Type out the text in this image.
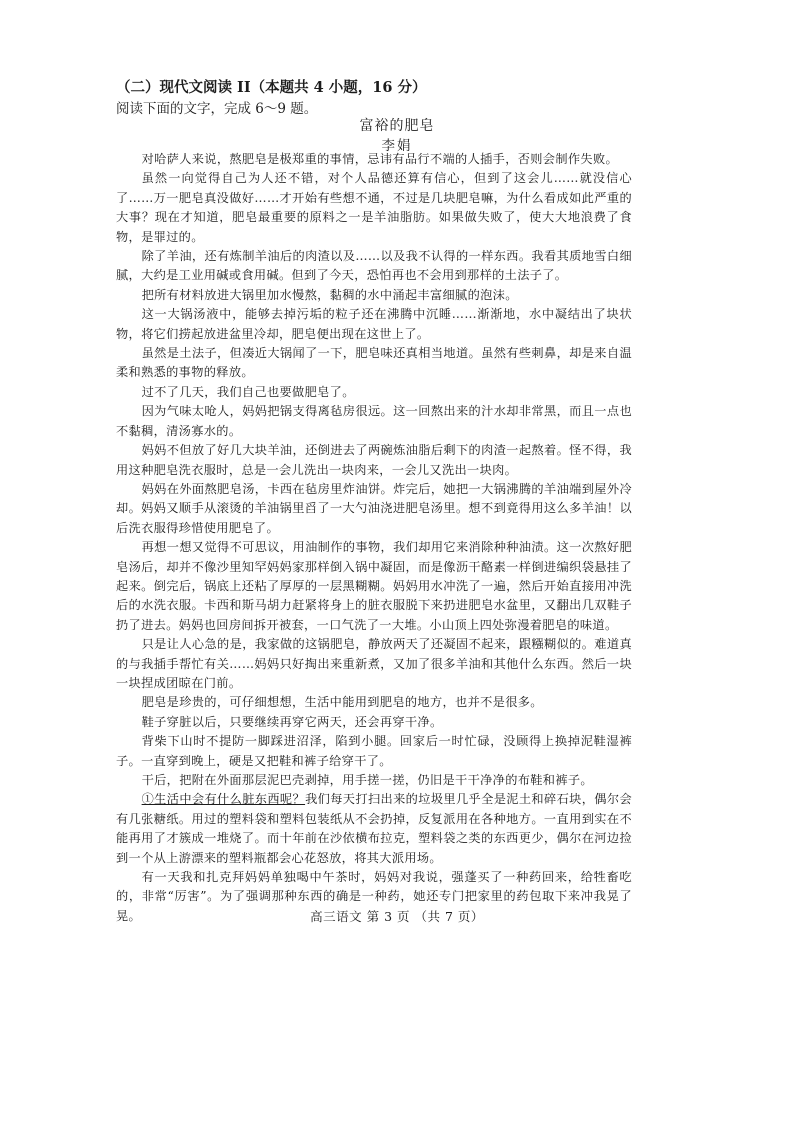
（二）现代文阅读 II（本题共 4 小题，16 分）
阅读下面的文字，完成 6～9 题。
富裕的肥皂
李娟

对哈萨人来说，熬肥皂是极郑重的事情，忌讳有品行不端的人插手，否则会制作失败。

虽然一向觉得自己为人还不错，对个人品德还算有信心，但到了这会儿……就没信心了……万一肥皂真没做好……才开始有些想不通，不过是几块肥皂嘛，为什么看成如此严重的大事？现在才知道，肥皂最重要的原料之一是羊油脂肪。如果做失败了，使大大地浪费了食物，是罪过的。

除了羊油，还有炼制羊油后的肉渣以及……以及我不认得的一样东西。我看其质地雪白细腻，大约是工业用碱或食用碱。但到了今天，恐怕再也不会用到那样的土法子了。

把所有材料放进大锅里加水慢熬，黏稠的水中涌起丰富细腻的泡沫。

这一大锅汤液中，能够去掉污垢的粒子还在沸腾中沉睡……渐渐地，水中凝结出了块状物，将它们捞起放进盆里冷却，肥皂便出现在这世上了。

虽然是土法子，但凑近大锅闻了一下，肥皂味还真相当地道。虽然有些刺鼻，却是来自温柔和熟悉的事物的释放。

过不了几天，我们自己也要做肥皂了。

因为气味太呛人，妈妈把锅支得离毡房很远。这一回熬出来的汁水却非常黑，而且一点也不黏稠，清汤寡水的。

妈妈不但放了好几大块羊油，还倒进去了两碗炼油脂后剩下的肉渣一起熬着。怪不得，我用这种肥皂洗衣服时，总是一会儿洗出一块肉来，一会儿又洗出一块肉。

妈妈在外面熬肥皂汤，卡西在毡房里炸油饼。炸完后，她把一大锅沸腾的羊油端到屋外冷却。妈妈又顺手从滚烫的羊油锅里舀了一大勺油浇进肥皂汤里。想不到竟得用这么多羊油！以后洗衣服得珍惜使用肥皂了。

再想一想又觉得不可思议，用油制作的事物，我们却用它来消除种种油渍。这一次熬好肥皂汤后，却并不像沙里知罕妈妈家那样倒入锅中凝固，而是像沥干酪素一样倒进编织袋悬挂了起来。倒完后，锅底上还粘了厚厚的一层黑糊糊。妈妈用水冲洗了一遍，然后开始直接用冲洗后的水洗衣服。卡西和斯马胡力赶紧将身上的脏衣服脱下来扔进肥皂水盆里，又翻出几双鞋子扔了进去。妈妈也回房间拆开被套，一口气洗了一大堆。小山顶上四处弥漫着肥皂的味道。

只是让人心急的是，我家做的这锅肥皂，静放两天了还凝固不起来，跟糨糊似的。难道真的与我插手帮忙有关……妈妈只好掏出来重新煮，又加了很多羊油和其他什么东西。然后一块一块捏成团晾在门前。

肥皂是珍贵的，可仔细想想，生活中能用到肥皂的地方，也并不是很多。

鞋子穿脏以后，只要继续再穿它两天，还会再穿干净。

背柴下山时不提防一脚踩进沼泽，陷到小腿。回家后一时忙碌，没顾得上换掉泥鞋湿裤子。一直穿到晚上，硬是又把鞋和裤子给穿干了。

干后，把附在外面那层泥巴壳剥掉，用手搓一搓，仍旧是干干净净的布鞋和裤子。

①生活中会有什么脏东西呢？我们每天打扫出来的垃圾里几乎全是泥土和碎石块，偶尔会有几张糖纸。用过的塑料袋和塑料包装纸从不会扔掉，反复派用在各种地方。一直用到实在不能再用了才簇成一堆烧了。而十年前在沙依横布拉克，塑料袋之类的东西更少，偶尔在河边捡到一个从上游漂来的塑料瓶都会心花怒放，将其大派用场。

有一天我和扎克拜妈妈单独喝中午茶时，妈妈对我说，强蓬买了一种药回来，给牲畜吃的，非常“厉害”。为了强调那种东西的确是一种药，她还专门把家里的药包取下来冲我晃了晃。	高三语文 第 3 页 （共 7 页）
